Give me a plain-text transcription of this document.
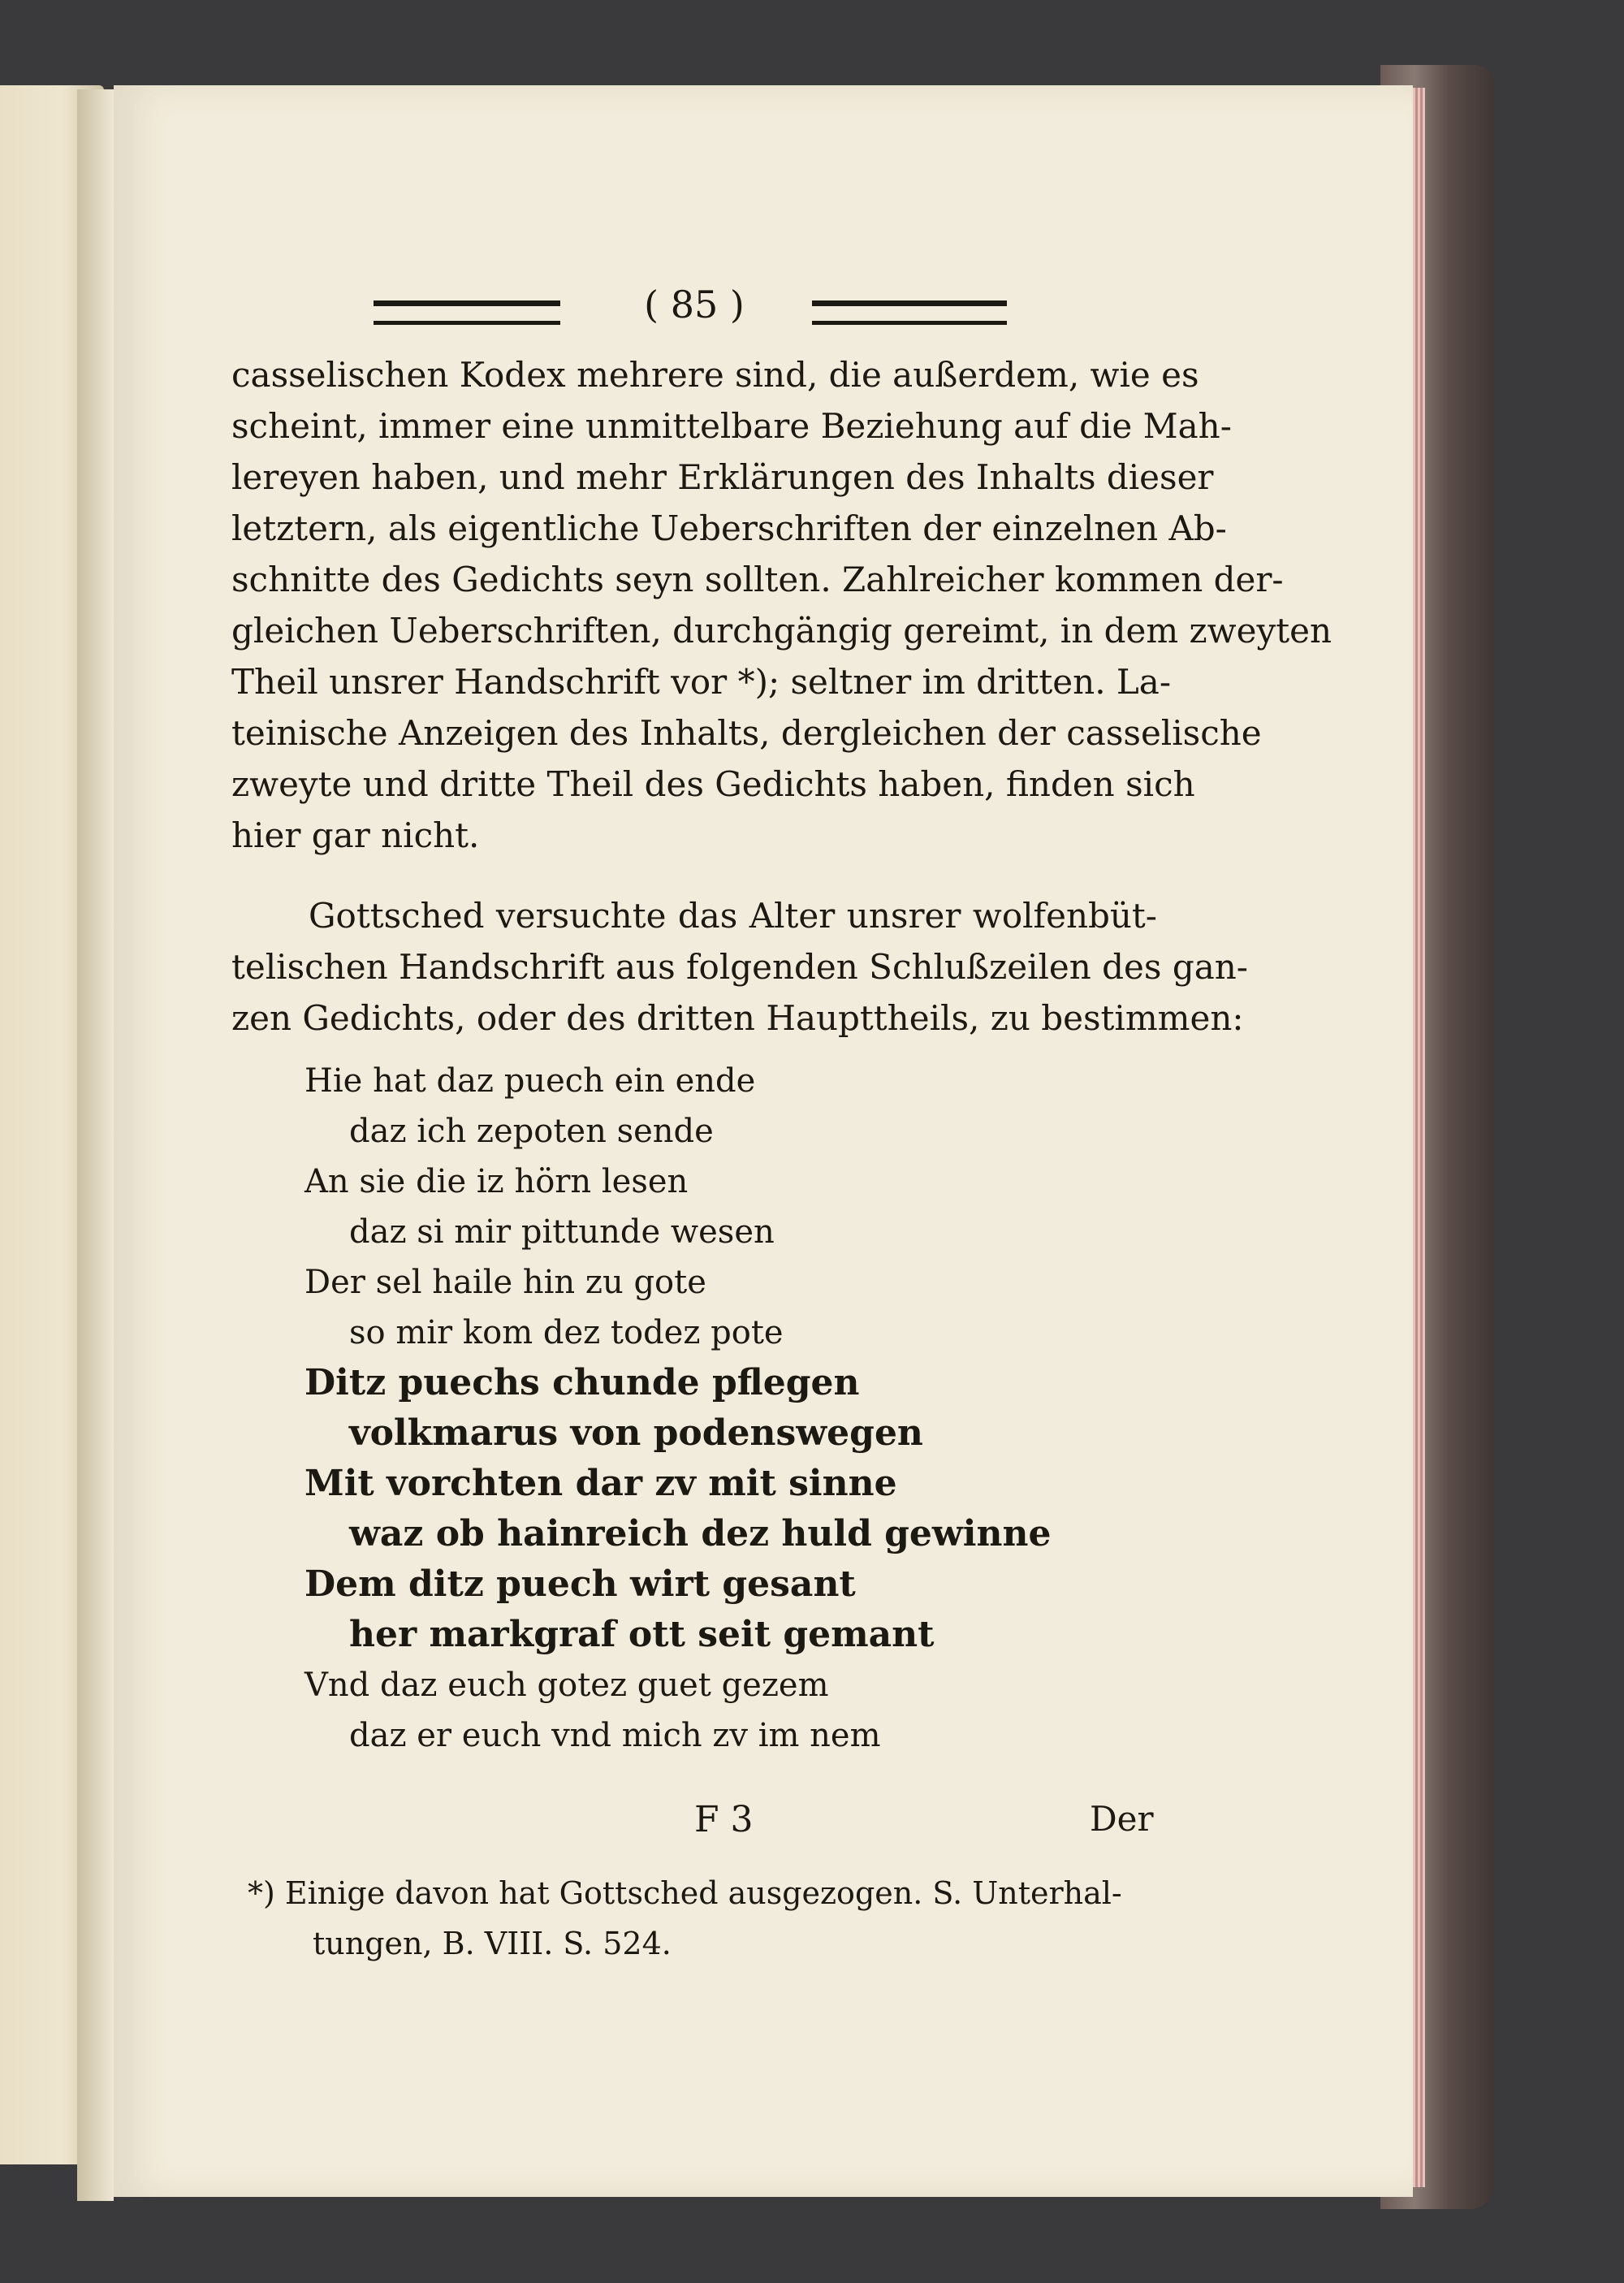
( 85 )
casselischen Kodex mehrere sind, die außerdem, wie es
scheint, immer eine unmittelbare Beziehung auf die Mah-
lereyen haben, und mehr Erklärungen des Inhalts dieser
letztern, als eigentliche Ueberschriften der einzelnen Ab-
schnitte des Gedichts seyn sollten. Zahlreicher kommen der-
gleichen Ueberschriften, durchgängig gereimt, in dem zweyten
Theil unsrer Handschrift vor *); seltner im dritten. La-
teinische Anzeigen des Inhalts, dergleichen der casselische
zweyte und dritte Theil des Gedichts haben, finden sich
hier gar nicht.
Gottsched versuchte das Alter unsrer wolfenbüt-
telischen Handschrift aus folgenden Schlußzeilen des gan-
zen Gedichts, oder des dritten Haupttheils, zu bestimmen:
Hie hat daz puech ein ende
daz ich zepoten sende
An sie die iz hörn lesen
daz si mir pittunde wesen
Der sel haile hin zu gote
so mir kom dez todez pote
Ditz puechs chunde pflegen
volkmarus von podenswegen
Mit vorchten dar zv mit sinne
waz ob hainreich dez huld gewinne
Dem ditz puech wirt gesant
her markgraf ott seit gemant
Vnd daz euch gotez guet gezem
daz er euch vnd mich zv im nem
F 3	Der
*) Einige davon hat Gottsched ausgezogen. S. Unterhal-
tungen, B. VIII. S. 524.
